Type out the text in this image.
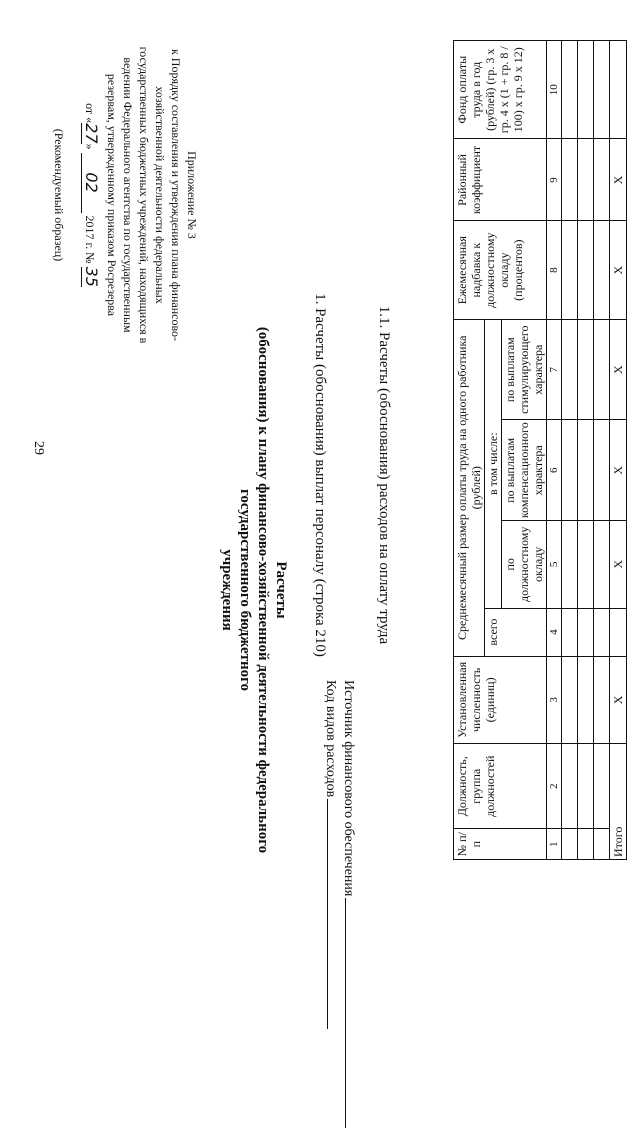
29
Приложение № 3
к Порядку составления и утверждения плана финансово-
хозяйственной деятельности федеральных
государственных бюджетных учреждений, находящихся в
ведении Федерального агентства по государственным
резервам, утвержденному приказом Росрезерва
от «27» 02 2017 г. № 35
(Рекомендуемый образец)
Расчеты
(обоснования) к плану финансово-хозяйственной деятельности федерального государственного бюджетного
учреждения	1. Расчеты (обоснования) выплат персоналу (строка 210)
Код видов расходов Источник финансового обеспечения
1.1. Расчеты (обоснования) расходов на оплату труда
№ п/п	Должность, группа должностей	Установленная численность (единиц)	Среднемесячный размер оплаты труда на одного работника (рублей)				Ежемесячная надбавка к должностному окладу (процентов)	Районный коэффициент	Фонд оплаты труда в год (рублей) (гр. 3 х гр. 4 х (1 + гр. 8 / 100) х гр. 9 х 12)
			всего	в том числе:					
				по должностному окладу	по выплатам компенсационного характера	по выплатам стимулирующего характера			
1	2	3	4	5	6	7	8	9	10

Итого		X		X	X	X	X	X	
